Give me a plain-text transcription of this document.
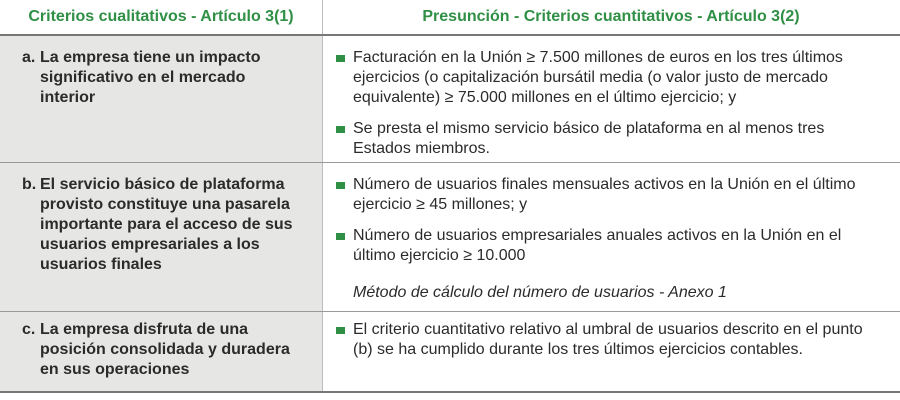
Criterios cualitativos - Artículo 3(1)	Presunción - Criterios cuantitativos - Artículo 3(2)
a. La empresa tiene un impacto significativo en el mercado interior
Facturación en la Unión ≥ 7.500 millones de euros en los tres últimos ejercicios (o capitalización bursátil media (o valor justo de mercado equivalente) ≥ 75.000 millones en el último ejercicio; y
Se presta el mismo servicio básico de plataforma en al menos tres Estados miembros.
b. El servicio básico de plataforma provisto constituye una pasarela importante para el acceso de sus usuarios empresariales a los usuarios finales
Número de usuarios finales mensuales activos en la Unión en el último ejercicio ≥ 45 millones; y
Número de usuarios empresariales anuales activos en la Unión en el último ejercicio ≥ 10.000
Método de cálculo del número de usuarios - Anexo 1
c. La empresa disfruta de una posición consolidada y duradera en sus operaciones
El criterio cuantitativo relativo al umbral de usuarios descrito en el punto (b) se ha cumplido durante los tres últimos ejercicios contables.
